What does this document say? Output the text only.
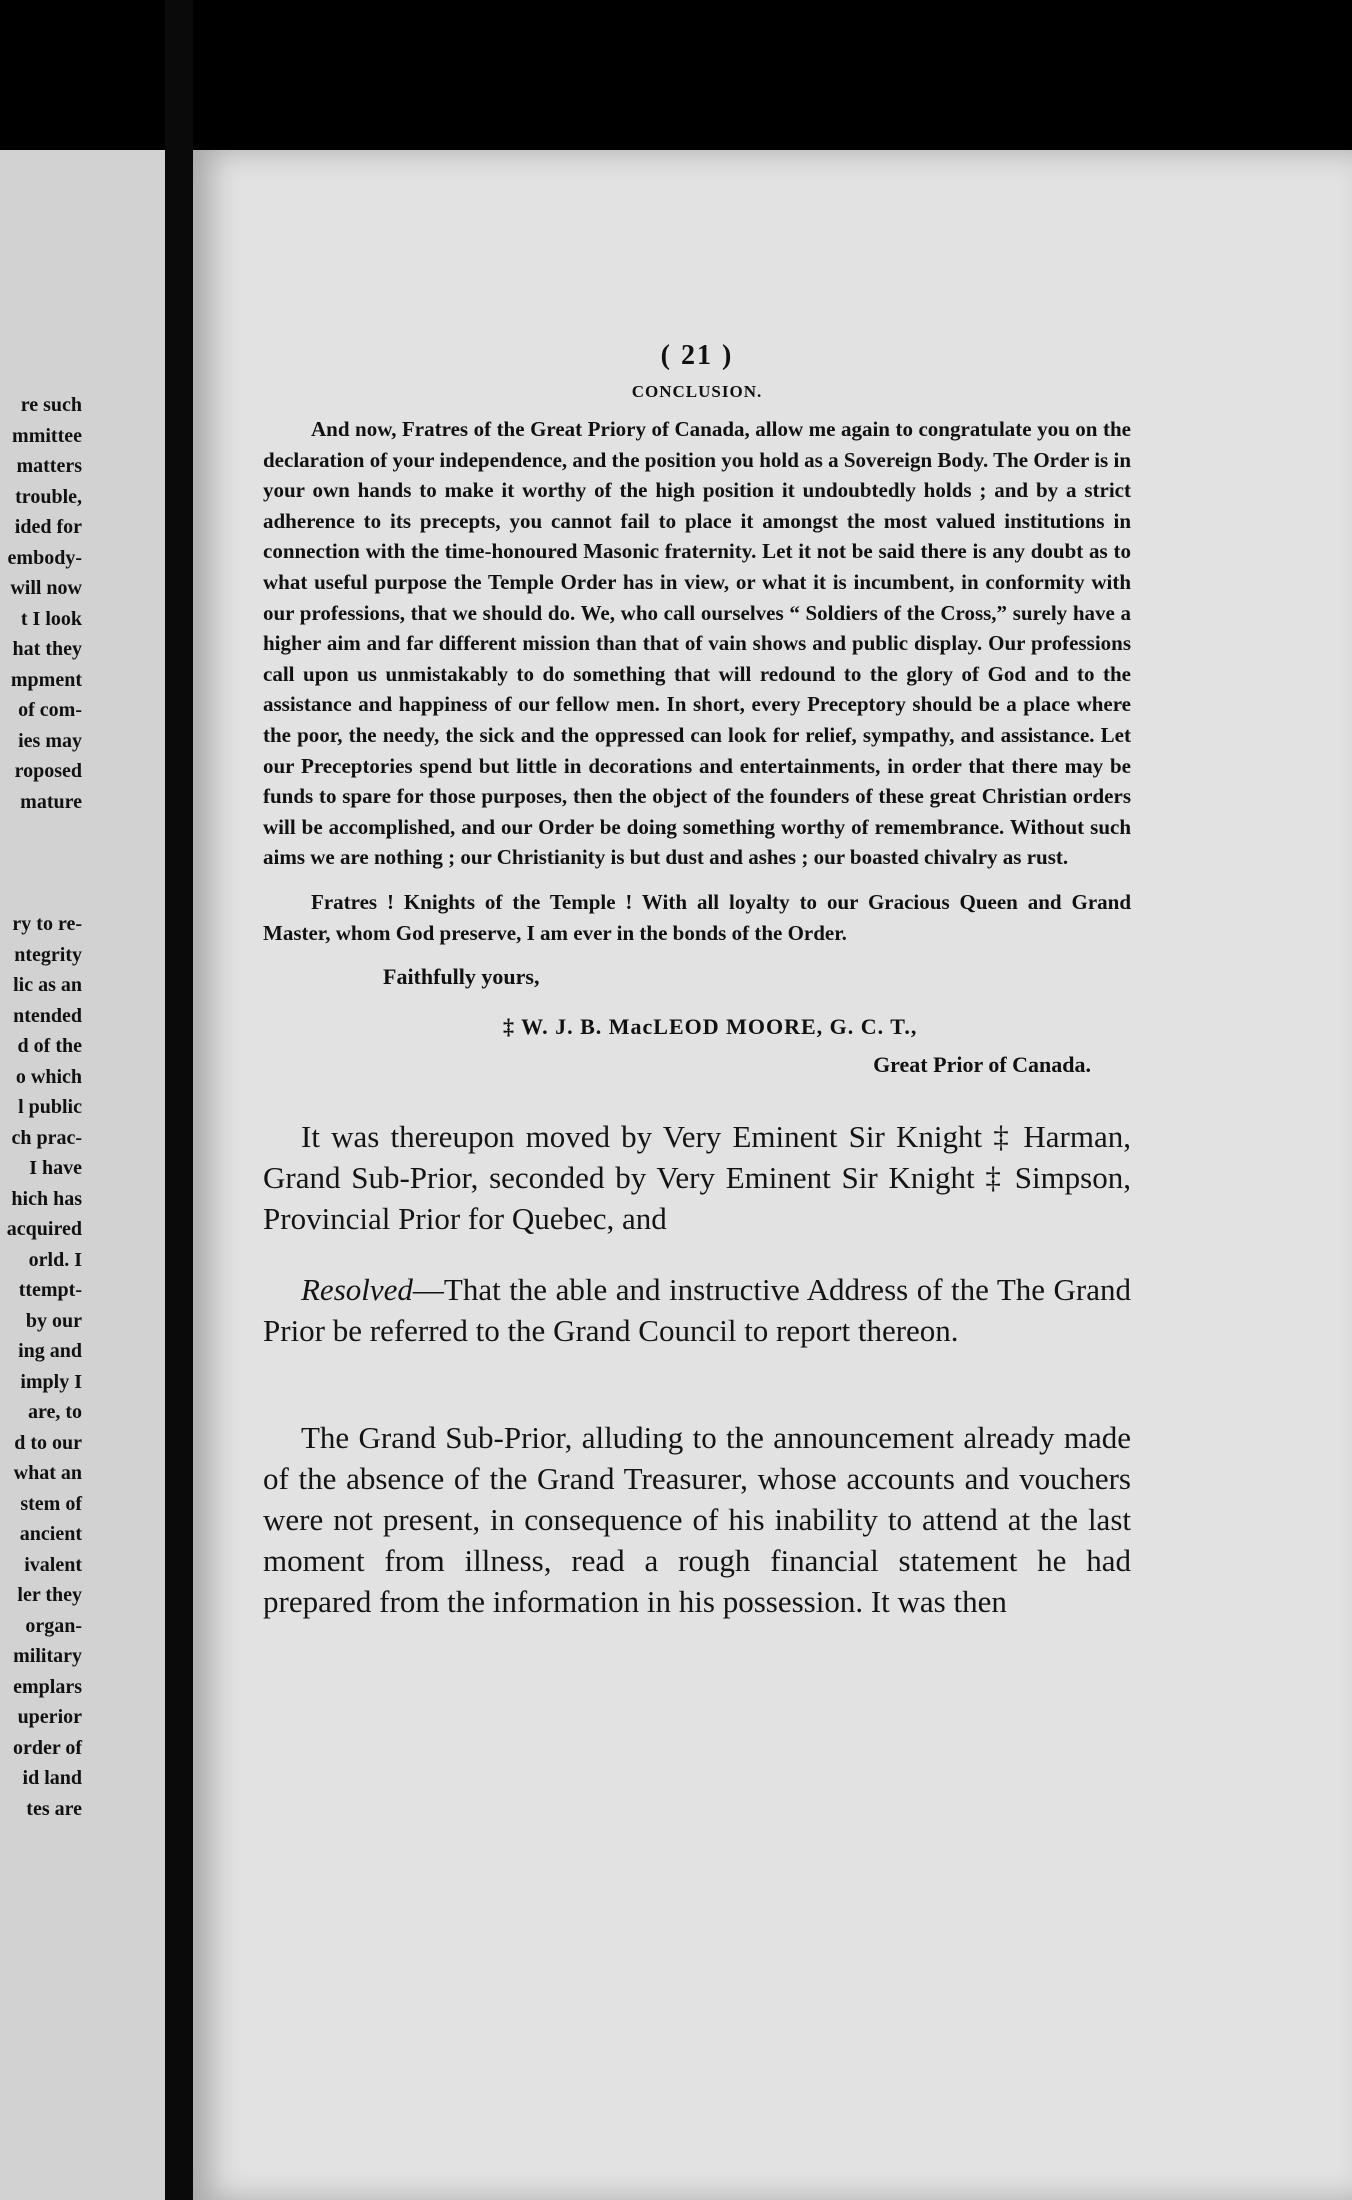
re such
mmittee
matters
trouble,
ided for
embody-
will now
t I look
hat they
mpment
of com-
ies may
roposed
mature
ry to re-
ntegrity
lic as an
ntended
d of the
o which
l public
ch prac-
I have
hich has
acquired
orld. I
ttempt-
by our
ing and
imply I
are, to
d to our
what an
stem of
ancient
ivalent
ler they
organ-
military
emplars
uperior
order of
id land
tes are
( 21 )
CONCLUSION.

And now, Fratres of the Great Priory of Canada, allow me again to congratulate you on the declaration of your independence, and the position you hold as a Sovereign Body. The Order is in your own hands to make it worthy of the high position it undoubtedly holds ; and by a strict adherence to its precepts, you cannot fail to place it amongst the most valued institutions in connection with the time-honoured Masonic fraternity. Let it not be said there is any doubt as to what useful purpose the Temple Order has in view, or what it is incumbent, in conformity with our professions, that we should do. We, who call ourselves “ Soldiers of the Cross,” surely have a higher aim and far different mission than that of vain shows and public display. Our professions call upon us unmistakably to do something that will redound to the glory of God and to the assistance and happiness of our fellow men. In short, every Preceptory should be a place where the poor, the needy, the sick and the oppressed can look for relief, sympathy, and assistance. Let our Preceptories spend but little in decorations and entertainments, in order that there may be funds to spare for those purposes, then the object of the founders of these great Christian orders will be accomplished, and our Order be doing something worthy of remembrance. Without such aims we are nothing ; our Christianity is but dust and ashes ; our boasted chivalry as rust.

Fratres ! Knights of the Temple ! With all loyalty to our Gracious Queen and Grand Master, whom God preserve, I am ever in the bonds of the Order.

Faithfully yours,
‡ W. J. B. MacLEOD MOORE, G. C. T.,
Great Prior of Canada.

It was thereupon moved by Very Eminent Sir Knight ‡ Harman, Grand Sub-Prior, seconded by Very Eminent Sir Knight ‡ Simpson, Provincial Prior for Quebec, and

Resolved—That the able and instructive Address of the The Grand Prior be referred to the Grand Council to report thereon.

The Grand Sub-Prior, alluding to the announcement already made of the absence of the Grand Treasurer, whose accounts and vouchers were not present, in consequence of his inability to attend at the last moment from illness, read a rough financial statement he had prepared from the information in his possession. It was then
